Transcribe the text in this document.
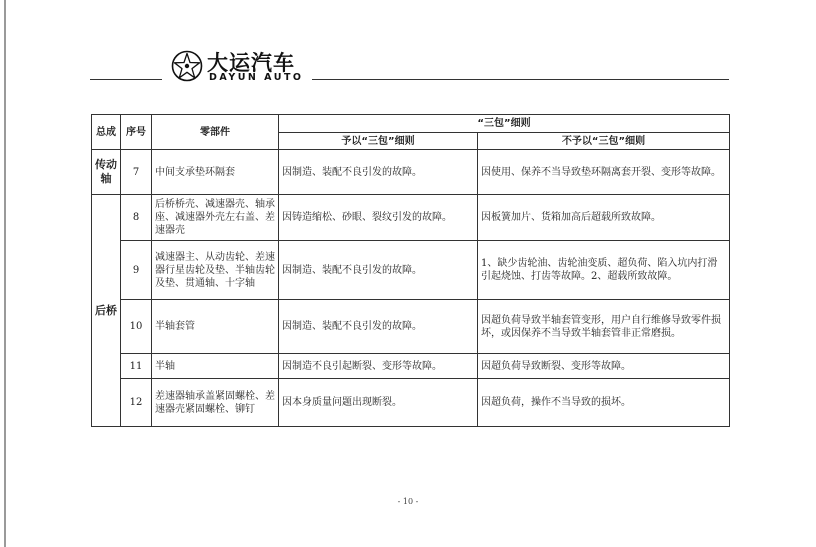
大运汽车
DAYUN AUTO
总成	序号	零部件	“三包”细则	
			予以“三包”细则	不予以“三包”细则
传动轴	7	中间支承垫环隔套	因制造、装配不良引发的故障。	因使用、保养不当导致垫环隔离套开裂、变形等故障。
后桥	8	后桥桥壳、减速器壳、轴承座、减速器外壳左右盖、差速器壳	因铸造缩松、砂眼、裂纹引发的故障。	因板簧加片、货箱加高后超载所致故障。
	9	减速器主、从动齿轮、差速器行星齿轮及垫、半轴齿轮及垫、贯通轴、十字轴	因制造、装配不良引发的故障。	1、缺少齿轮油、齿轮油变质、超负荷、陷入坑内打滑引起烧蚀、打齿等故障。2、超载所致故障。
	10	半轴套管	因制造、装配不良引发的故障。	因超负荷导致半轴套管变形，用户自行维修导致零件损坏，或因保养不当导致半轴套管非正常磨损。
	11	半轴	因制造不良引起断裂、变形等故障。	因超负荷导致断裂、变形等故障。
	12	差速器轴承盖紧固螺栓、差速器壳紧固螺栓、铆钉	因本身质量问题出现断裂。	因超负荷，操作不当导致的损坏。
- 10 -
